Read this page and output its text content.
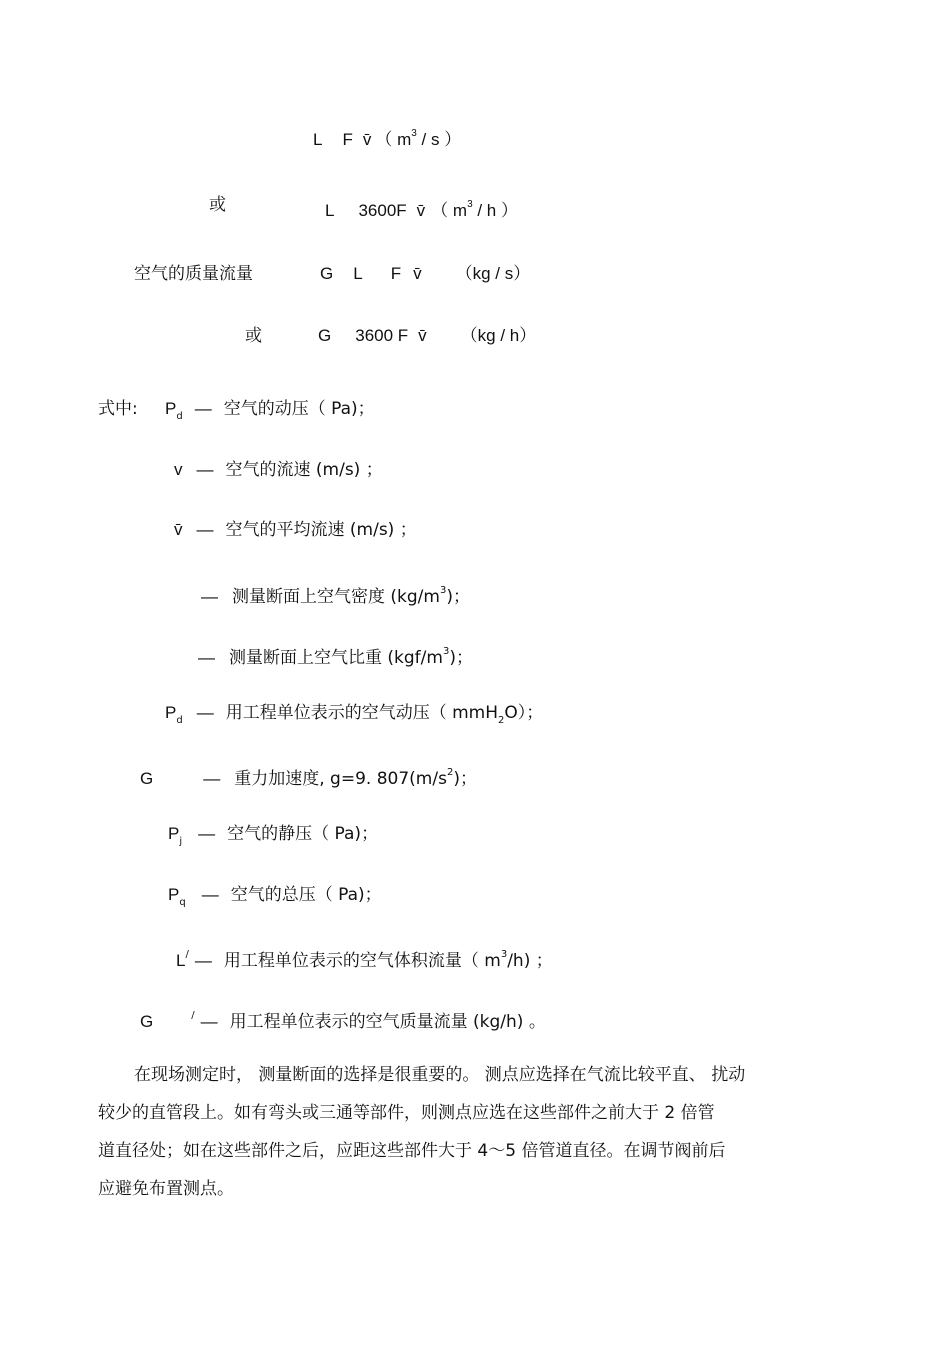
L F v̄ （ $m^3$ / s ）
或	L 3600F v̄ （ $m^3$ / h ）
空气的质量流量	G L F v̄ （kg / s）
或	G 3600 F v̄ （kg / h）
式中: $P_d$ — 空气的动压（ Pa)；
v — 空气的流速 (m/s) ；
v̄ — 空气的平均流速 (m/s) ；
— 测量断面上空气密度 $(kg/m^3)$；
— 测量断面上空气比重 $(kgf/m^3)$；
$P_d$ — 用工程单位表示的空气动压（ mmH$_2$O）；
G	— 重力加速度, g=9. $807(m/s^2)$；
$P_j$ — 空气的静压（ Pa)；
$P_q$ — 空气的总压（ Pa)；
L/ — 用工程单位表示的空气体积流量（ $m^3/h$) ；
G	/ — 用工程单位表示的空气质量流量 (kg/h) 。
在现场测定时， 测量断面的选择是很重要的。 测点应选择在气流比较平直、 扰动
较少的直管段上。如有弯头或三通等部件，则测点应选在这些部件之前大于 2 倍管
道直径处；如在这些部件之后，应距这些部件大于 4～5 倍管道直径。在调节阀前后
应避免布置测点。
